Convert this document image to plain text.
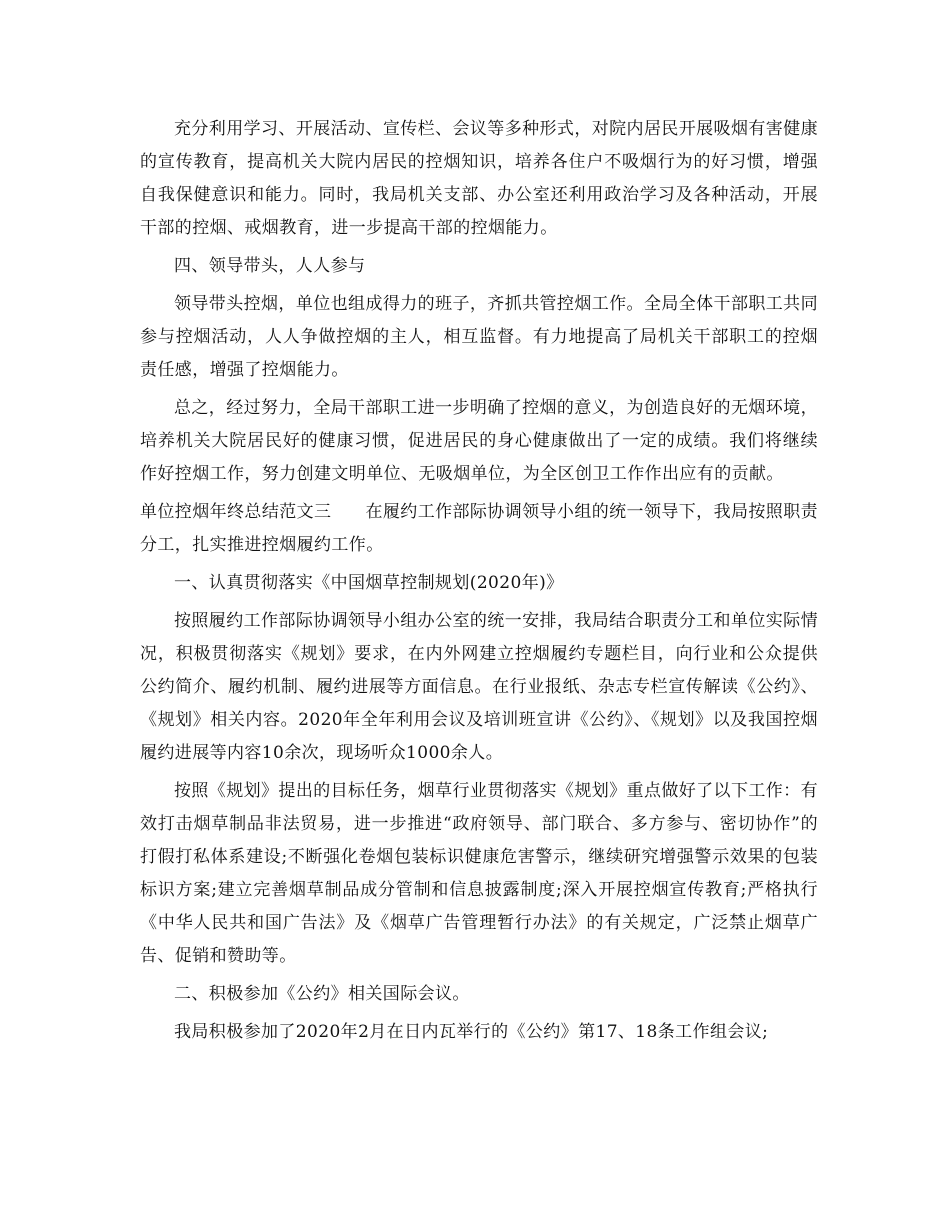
充分利用学习、开展活动、宣传栏、会议等多种形式，对院内居民开展吸烟有害健康的宣传教育，提高机关大院内居民的控烟知识，培养各住户不吸烟行为的好习惯，增强自我保健意识和能力。同时，我局机关支部、办公室还利用政治学习及各种活动，开展干部的控烟、戒烟教育，进一步提高干部的控烟能力。

四、领导带头，人人参与

领导带头控烟，单位也组成得力的班子，齐抓共管控烟工作。全局全体干部职工共同参与控烟活动，人人争做控烟的主人，相互监督。有力地提高了局机关干部职工的控烟责任感，增强了控烟能力。

总之，经过努力，全局干部职工进一步明确了控烟的意义，为创造良好的无烟环境，培养机关大院居民好的健康习惯，促进居民的身心健康做出了一定的成绩。我们将继续作好控烟工作，努力创建文明单位、无吸烟单位，为全区创卫工作作出应有的贡献。

单位控烟年终总结范文三 在履约工作部际协调领导小组的统一领导下，我局按照职责分工，扎实推进控烟履约工作。

一、认真贯彻落实《中国烟草控制规划(2020年)》

按照履约工作部际协调领导小组办公室的统一安排，我局结合职责分工和单位实际情况，积极贯彻落实《规划》要求，在内外网建立控烟履约专题栏目，向行业和公众提供公约简介、履约机制、履约进展等方面信息。在行业报纸、杂志专栏宣传解读《公约》、《规划》相关内容。2020年全年利用会议及培训班宣讲《公约》、《规划》以及我国控烟履约进展等内容10余次，现场听众1000余人。

按照《规划》提出的目标任务，烟草行业贯彻落实《规划》重点做好了以下工作：有效打击烟草制品非法贸易，进一步推进“政府领导、部门联合、多方参与、密切协作”的打假打私体系建设;不断强化卷烟包装标识健康危害警示，继续研究增强警示效果的包装标识方案;建立完善烟草制品成分管制和信息披露制度;深入开展控烟宣传教育;严格执行《中华人民共和国广告法》及《烟草广告管理暂行办法》的有关规定，广泛禁止烟草广告、促销和赞助等。

二、积极参加《公约》相关国际会议。

我局积极参加了2020年2月在日内瓦举行的《公约》第17、18条工作组会议;
